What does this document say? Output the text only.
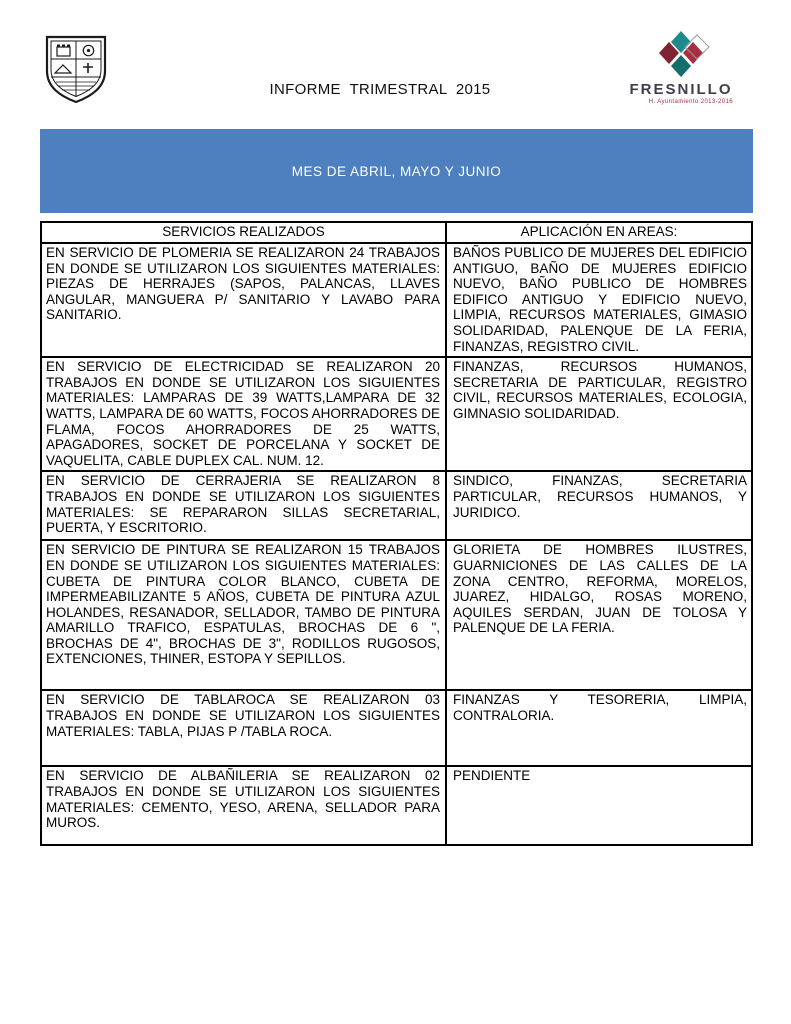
INFORME  TRIMESTRAL  2015

	FRESNILLO
H. Ayuntamiento 2013-2016
MES DE ABRIL, MAYO Y JUNIO
SERVICIOS REALIZADOS	APLICACIÓN EN AREAS:
EN SERVICIO DE PLOMERIA SE REALIZARON 24 TRABAJOS EN DONDE SE UTILIZARON LOS SIGUIENTES MATERIALES: PIEZAS DE HERRAJES (SAPOS, PALANCAS, LLAVES ANGULAR, MANGUERA P/ SANITARIO Y LAVABO PARA SANITARIO.
BAÑOS PUBLICO DE MUJERES DEL EDIFICIO ANTIGUO, BAÑO DE MUJERES EDIFICIO NUEVO, BAÑO PUBLICO DE HOMBRES EDIFICO ANTIGUO Y EDIFICIO NUEVO, LIMPIA, RECURSOS MATERIALES, GIMASIO SOLIDARIDAD, PALENQUE DE LA FERIA, FINANZAS, REGISTRO CIVIL.
EN SERVICIO DE ELECTRICIDAD SE REALIZARON 20 TRABAJOS EN DONDE SE UTILIZARON LOS SIGUIENTES MATERIALES: LAMPARAS DE 39 WATTS,LAMPARA DE 32 WATTS, LAMPARA DE 60 WATTS, FOCOS AHORRADORES DE FLAMA, FOCOS AHORRADORES DE 25 WATTS, APAGADORES, SOCKET DE PORCELANA Y SOCKET DE VAQUELITA, CABLE DUPLEX CAL. NUM. 12.
FINANZAS, RECURSOS HUMANOS, SECRETARIA DE PARTICULAR, REGISTRO CIVIL, RECURSOS MATERIALES, ECOLOGIA, GIMNASIO SOLIDARIDAD.
EN SERVICIO DE CERRAJERIA SE REALIZARON 8 TRABAJOS EN DONDE SE UTILIZARON LOS SIGUIENTES MATERIALES: SE REPARARON SILLAS SECRETARIAL, PUERTA, Y ESCRITORIO.
SINDICO, FINANZAS, SECRETARIA PARTICULAR, RECURSOS HUMANOS, Y JURIDICO.
EN SERVICIO DE PINTURA SE REALIZARON 15 TRABAJOS EN DONDE SE UTILIZARON LOS SIGUIENTES MATERIALES: CUBETA DE PINTURA COLOR BLANCO, CUBETA DE IMPERMEABILIZANTE 5 AÑOS, CUBETA DE PINTURA AZUL HOLANDES, RESANADOR, SELLADOR, TAMBO DE PINTURA AMARILLO TRAFICO, ESPATULAS, BROCHAS DE 6 ", BROCHAS DE 4", BROCHAS DE 3", RODILLOS RUGOSOS, EXTENCIONES, THINER, ESTOPA Y SEPILLOS.
GLORIETA DE HOMBRES ILUSTRES, GUARNICIONES DE LAS CALLES DE LA ZONA CENTRO, REFORMA, MORELOS, JUAREZ, HIDALGO, ROSAS MORENO, AQUILES SERDAN, JUAN DE TOLOSA Y PALENQUE DE LA FERIA.
EN SERVICIO DE TABLAROCA SE REALIZARON 03 TRABAJOS EN DONDE SE UTILIZARON LOS SIGUIENTES MATERIALES: TABLA, PIJAS P /TABLA ROCA.
FINANZAS Y TESORERIA, LIMPIA, CONTRALORIA.
EN SERVICIO DE ALBAÑILERIA SE REALIZARON 02 TRABAJOS EN DONDE SE UTILIZARON LOS SIGUIENTES MATERIALES: CEMENTO, YESO, ARENA, SELLADOR PARA MUROS.
PENDIENTE
